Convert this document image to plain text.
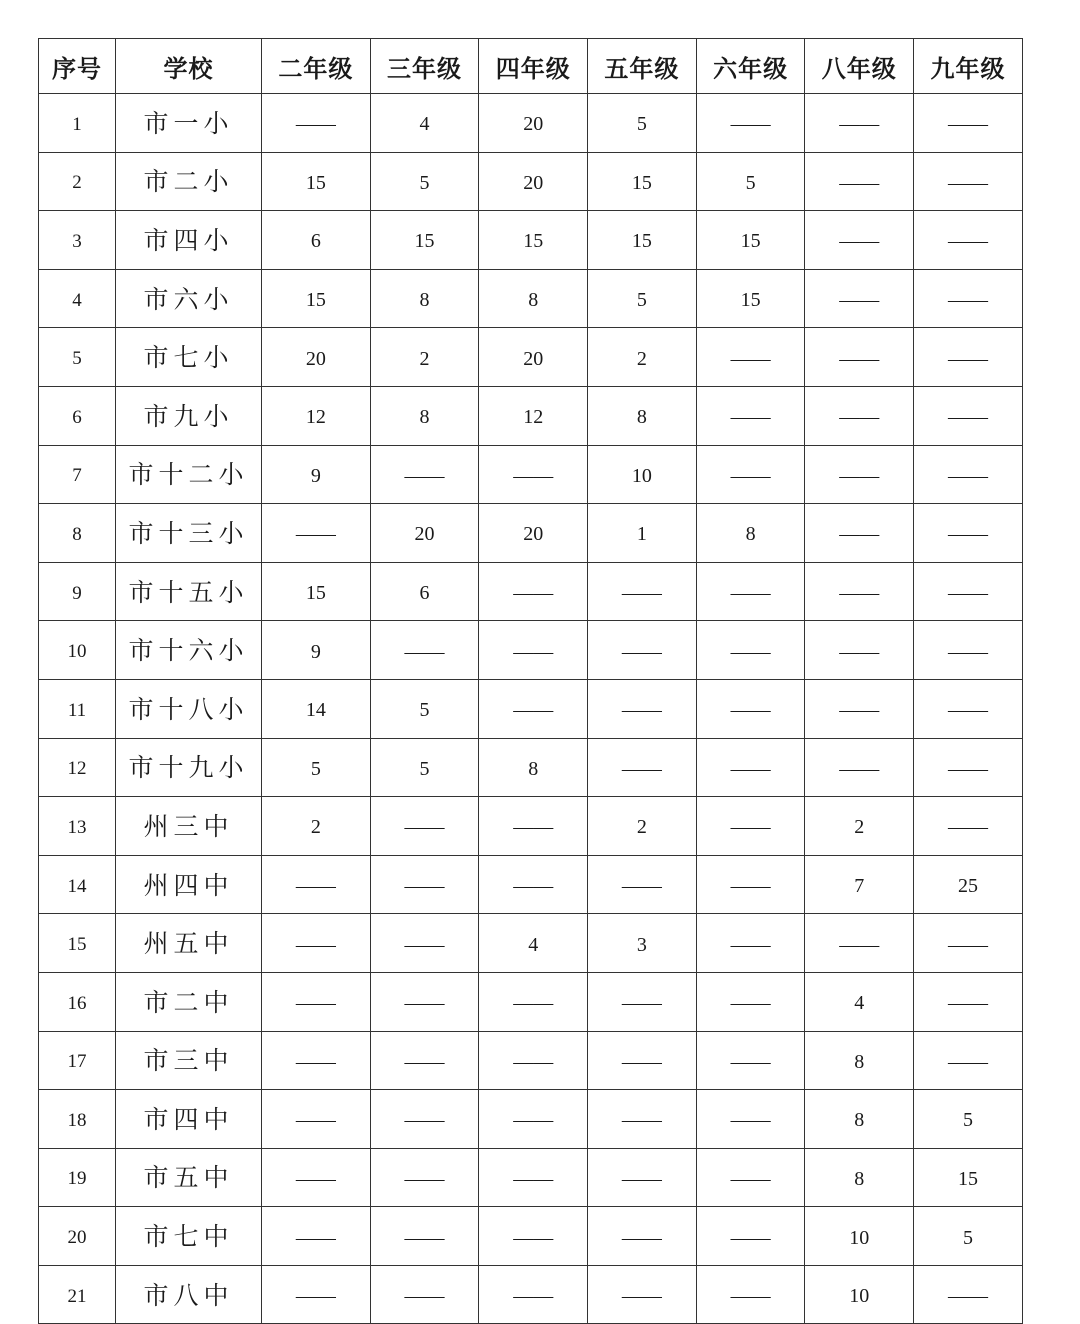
序号	学校	二年级	三年级	四年级	五年级	六年级	八年级	九年级
1	市一小	——	4	20	5	——	——	——
2	市二小	15	5	20	15	5	——	——
3	市四小	6	15	15	15	15	——	——
4	市六小	15	8	8	5	15	——	——
5	市七小	20	2	20	2	——	——	——
6	市九小	12	8	12	8	——	——	——
7	市十二小	9	——	——	10	——	——	——
8	市十三小	——	20	20	1	8	——	——
9	市十五小	15	6	——	——	——	——	——
10	市十六小	9	——	——	——	——	——	——
11	市十八小	14	5	——	——	——	——	——
12	市十九小	5	5	8	——	——	——	——
13	州三中	2	——	——	2	——	2	——
14	州四中	——	——	——	——	——	7	25
15	州五中	——	——	4	3	——	——	——
16	市二中	——	——	——	——	——	4	——
17	市三中	——	——	——	——	——	8	——
18	市四中	——	——	——	——	——	8	5
19	市五中	——	——	——	——	——	8	15
20	市七中	——	——	——	——	——	10	5
21	市八中	——	——	——	——	——	10	——
